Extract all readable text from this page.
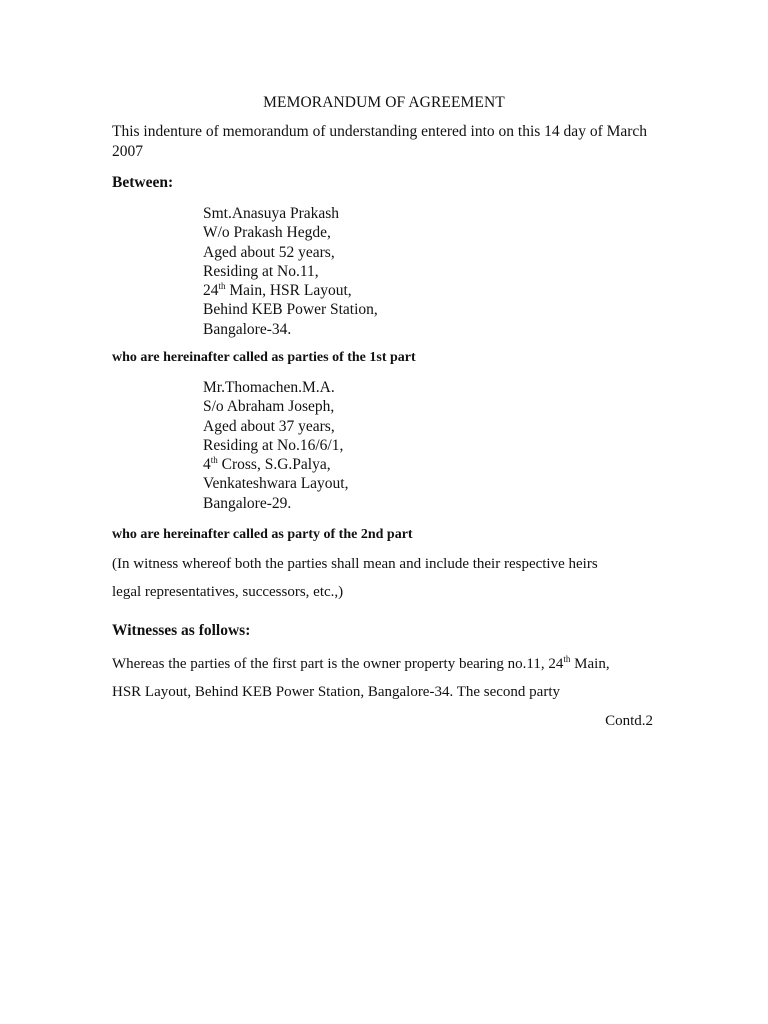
MEMORANDUM OF AGREEMENT
This indenture of memorandum of understanding entered into on this 14 day of March 2007
Between:
Smt.Anasuya Prakash
W/o Prakash Hegde,
Aged about 52 years,
Residing at No.11,
24th Main, HSR Layout,
Behind KEB Power Station,
Bangalore-34.
who are hereinafter called as parties of the 1st part
Mr.Thomachen.M.A.
S/o Abraham Joseph,
Aged about 37 years,
Residing at No.16/6/1,
4th Cross, S.G.Palya,
Venkateshwara Layout,
Bangalore-29.
who are hereinafter called as party of the 2nd part
(In witness whereof both the parties shall mean and include their respective heirs
legal representatives, successors, etc.,)
Witnesses as follows:
Whereas the parties of the first part is the owner property bearing no.11, 24th Main,
HSR Layout, Behind KEB Power Station, Bangalore-34. The second party
Contd.2
